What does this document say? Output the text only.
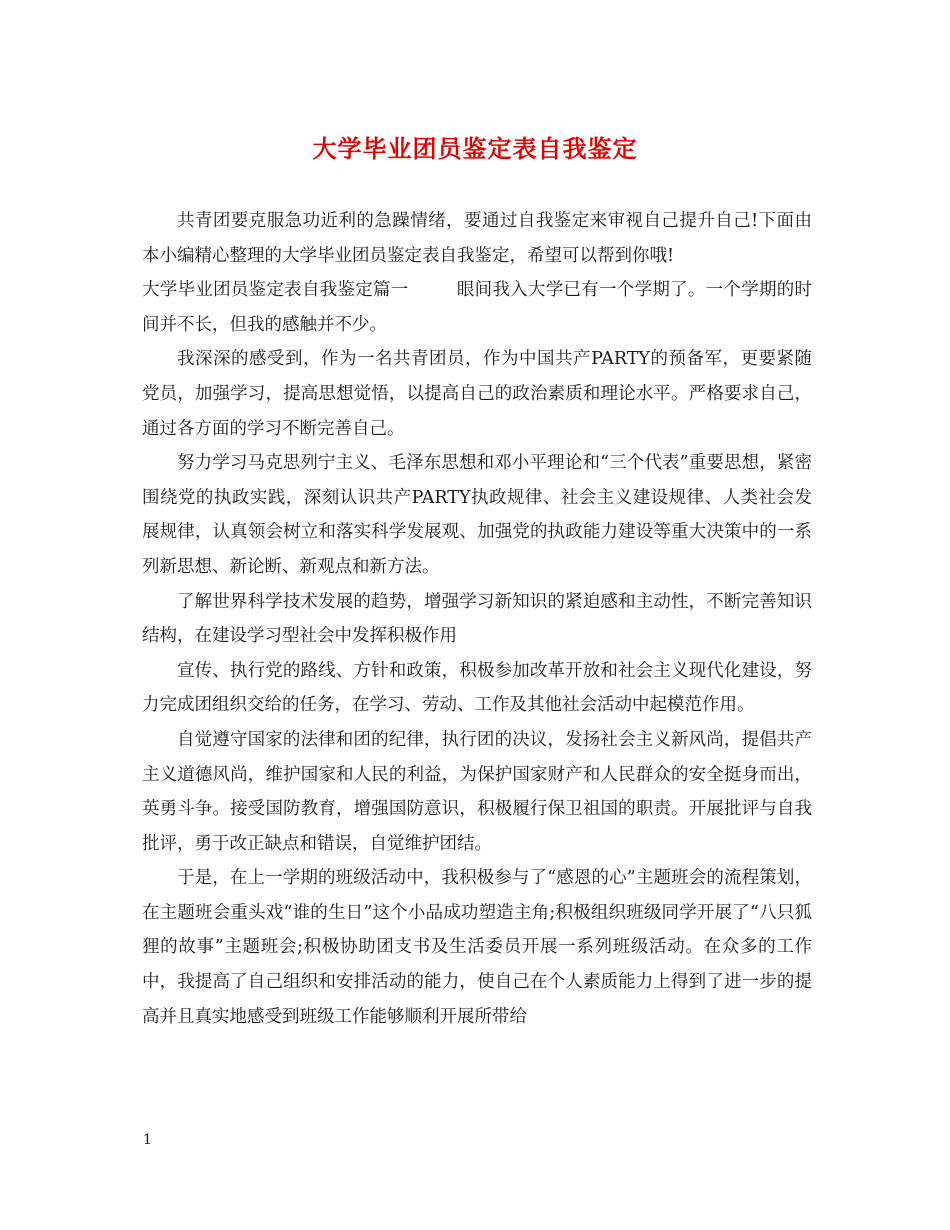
大学毕业团员鉴定表自我鉴定

共青团要克服急功近利的急躁情绪，要通过自我鉴定来审视自己提升自己!下面由本小编精心整理的大学毕业团员鉴定表自我鉴定，希望可以帮到你哦!

大学毕业团员鉴定表自我鉴定篇一	眼间我入大学已有一个学期了。一个学期的时间并不长，但我的感触并不少。

我深深的感受到，作为一名共青团员，作为中国共产PARTY的预备军，更要紧随党员，加强学习，提高思想觉悟，以提高自己的政治素质和理论水平。严格要求自己，通过各方面的学习不断完善自己。

努力学习马克思列宁主义、毛泽东思想和邓小平理论和“三个代表”重要思想，紧密围绕党的执政实践，深刻认识共产PARTY执政规律、社会主义建设规律、人类社会发展规律，认真领会树立和落实科学发展观、加强党的执政能力建设等重大决策中的一系列新思想、新论断、新观点和新方法。

了解世界科学技术发展的趋势，增强学习新知识的紧迫感和主动性，不断完善知识结构，在建设学习型社会中发挥积极作用

宣传、执行党的路线、方针和政策，积极参加改革开放和社会主义现代化建设，努力完成团组织交给的任务，在学习、劳动、工作及其他社会活动中起模范作用。

自觉遵守国家的法律和团的纪律，执行团的决议，发扬社会主义新风尚，提倡共产主义道德风尚，维护国家和人民的利益，为保护国家财产和人民群众的安全挺身而出，英勇斗争。接受国防教育，增强国防意识，积极履行保卫祖国的职责。开展批评与自我批评，勇于改正缺点和错误，自觉维护团结。

于是，在上一学期的班级活动中，我积极参与了“感恩的心”主题班会的流程策划，在主题班会重头戏“谁的生日”这个小品成功塑造主角;积极组织班级同学开展了“八只狐狸的故事”主题班会;积极协助团支书及生活委员开展一系列班级活动。在众多的工作中，我提高了自己组织和安排活动的能力，使自己在个人素质能力上得到了进一步的提高并且真实地感受到班级工作能够顺利开展所带给

1
